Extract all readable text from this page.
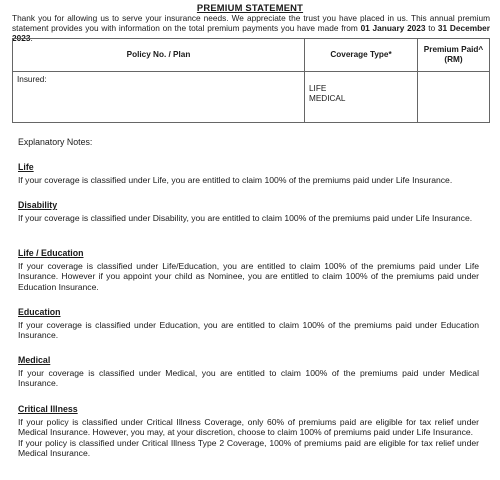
PREMIUM STATEMENT
Thank you for allowing us to serve your insurance needs. We appreciate the trust you have placed in us. This annual premium statement provides you with information on the total premium payments you have made from 01 January 2023 to 31 December 2023.
Policy No. / Plan	Coverage Type*	Premium Paid^
(RM)

Insured:	LIFE
MEDICAL	

Explanatory Notes:
Life

If your coverage is classified under Life, you are entitled to claim 100% of the premiums paid under Life Insurance.

Disability

If your coverage is classified under Disability, you are entitled to claim 100% of the premiums paid under Life Insurance.

Life / Education

If your coverage is classified under Life/Education, you are entitled to claim 100% of the premiums paid under Life Insurance. However if you appoint your child as Nominee, you are entitled to claim 100% of the premiums paid under Education Insurance.

Education

If your coverage is classified under Education, you are entitled to claim 100% of the premiums paid under Education Insurance.

Medical

If your coverage is classified under Medical, you are entitled to claim 100% of the premiums paid under Medical Insurance.

Critical Illness

If your policy is classified under Critical Illness Coverage, only 60% of premiums paid are eligible for tax relief under Medical Insurance. However, you may, at your discretion, choose to claim 100% of premiums paid under Life Insurance.

If your policy is classified under Critical Illness Type 2 Coverage, 100% of premiums paid are eligible for tax relief under Medical Insurance.
